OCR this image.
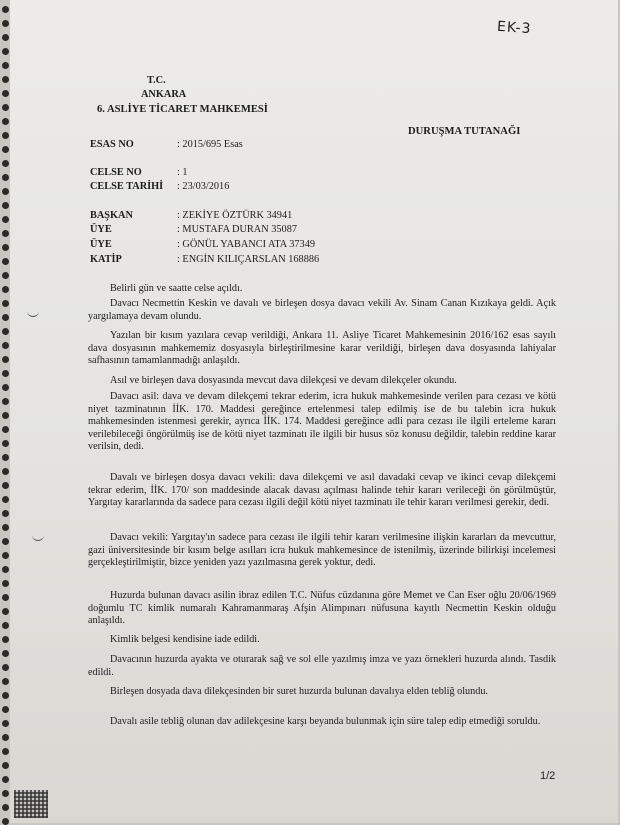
EK-3
T.C.
ANKARA
6. ASLİYE TİCARET MAHKEMESİ
DURUŞMA TUTANAĞI
ESAS NO	: 2015/695 Esas
CELSE NO	: 1
CELSE TARİHİ : 23/03/2016
BAŞKAN	: ZEKİYE ÖZTÜRK 34941
ÜYE	: MUSTAFA DURAN 35087
ÜYE	: GÖNÜL YABANCI ATA 37349
KATİP	: ENGİN KILIÇARSLAN 168886
Belirli gün ve saatte celse açıldı.
Davacı Necmettin Keskin ve davalı ve birleşen dosya davacı vekili Av. Sinam Canan Kızıkaya geldi. Açık yargılamaya devam olundu.
Yazılan bir kısım yazılara cevap verildiği, Ankara 11. Asliye Ticaret Mahkemesinin 2016/162 esas sayılı dava dosyasının mahkememiz dosyasıyla birleştirilmesine karar verildiği, birleşen dava dosyasında lahiyalar safhasının tamamlanmadığı anlaşıldı.
Asıl ve birleşen dava dosyasında mevcut dava dilekçesi ve devam dilekçeler okundu.
Davacı asil: dava ve devam dilekçemi tekrar ederim, icra hukuk mahkemesinde verilen para cezası ve kötü niyet tazminatının İİK. 170. Maddesi gereğince ertelenmesi talep edilmiş ise de bu talebin icra hukuk mahkemesinden istenmesi gerekir, ayrıca İİK. 174. Maddesi gereğince adli para cezası ile ilgili erteleme kararı verilebileceği öngörülmüş ise de kötü niyet tazminatı ile ilgili bir husus söz konusu değildir, talebin reddine karar verilsin, dedi.
Davalı ve birleşen dosya davacı vekili: dava dilekçemi ve asıl davadaki cevap ve ikinci cevap dilekçemi tekrar ederim, İİK. 170/ son maddesinde alacak davası açılması halinde tehir kararı verileceği ön görülmüştür, Yargıtay kararlarında da sadece para cezası ilgili değil kötü niyet tazminatı ile tehir kararı verilmesi gerekir, dedi.
Davacı vekili: Yargıtay'ın sadece para cezası ile ilgili tehir kararı verilmesine ilişkin kararları da mevcuttur, gazi üniversitesinde bir kısım belge asılları icra hukuk mahkemesince de istenilmiş, üzerinde bilirkişi incelemesi gerçekleştirilmiştir, bizce yeniden yazı yazılmasına gerek yoktur, dedi.
Huzurda bulunan davacı asilin ibraz edilen T.C. Nüfus cüzdanına göre Memet ve Can Eser oğlu 20/06/1969 doğumlu TC kimlik numaralı Kahramanmaraş Afşin Alimpınarı nüfusuna kayıtlı Necmettin Keskin olduğu anlaşıldı.
Kimlik belgesi kendisine iade edildi.
Davacının huzurda ayakta ve oturarak sağ ve sol elle yazılmış imza ve yazı örnekleri huzurda alındı. Tasdik edildi.
Birleşen dosyada dava dilekçesinden bir suret huzurda bulunan davalıya elden tebliğ olundu.
Davalı asile tebliğ olunan dav adilekçesine karşı beyanda bulunmak için süre talep edip etmediği soruldu.
1/2
